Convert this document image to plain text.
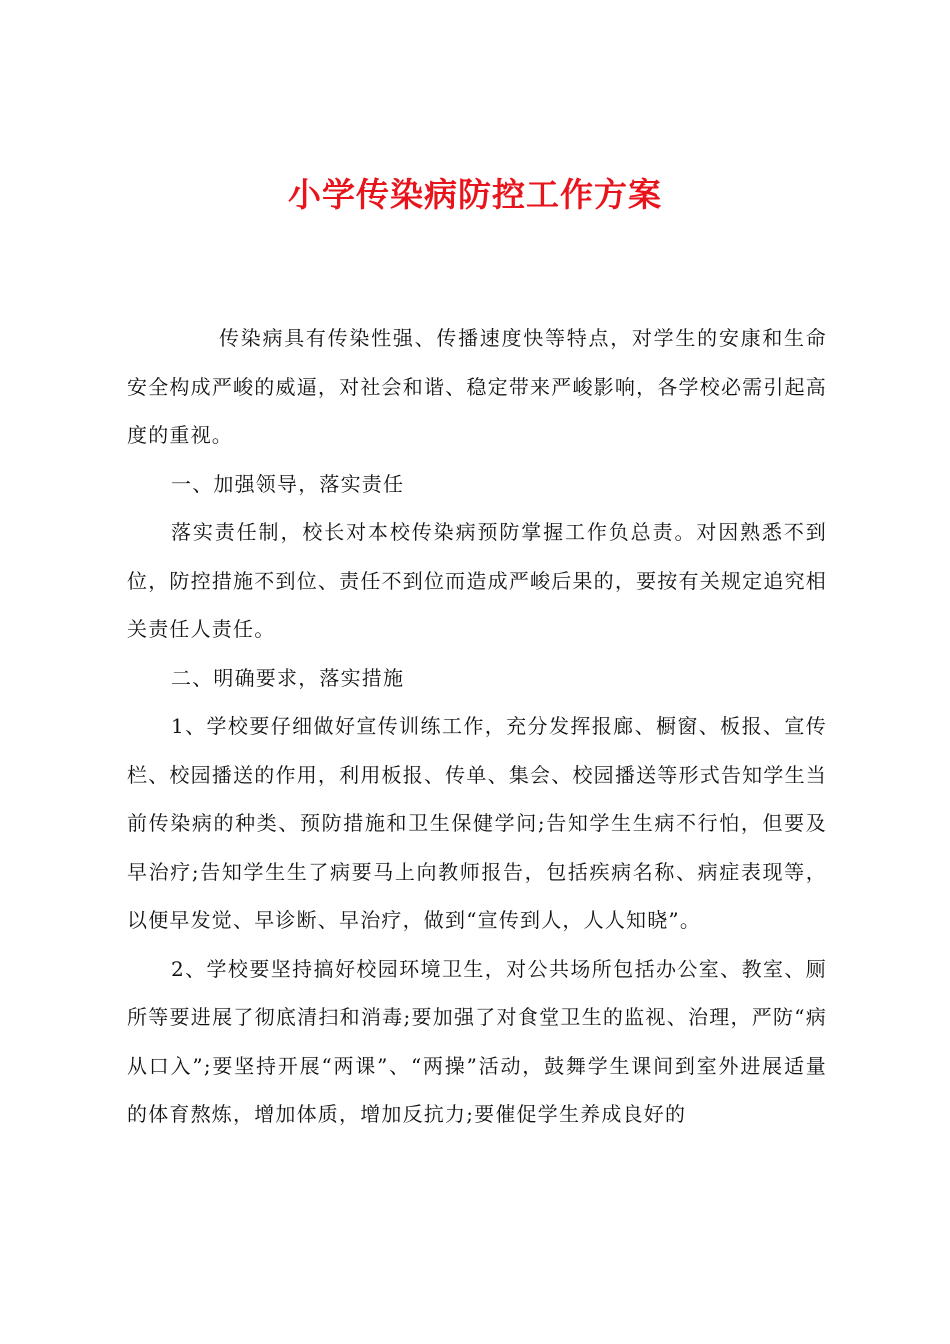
小学传染病防控工作方案

传染病具有传染性强、传播速度快等特点，对学生的安康和生命安全构成严峻的威逼，对社会和谐、稳定带来严峻影响，各学校必需引起高度的重视。

一、加强领导，落实责任

落实责任制，校长对本校传染病预防掌握工作负总责。对因熟悉不到位，防控措施不到位、责任不到位而造成严峻后果的，要按有关规定追究相关责任人责任。

二、明确要求，落实措施

1、学校要仔细做好宣传训练工作，充分发挥报廊、橱窗、板报、宣传栏、校园播送的作用，利用板报、传单、集会、校园播送等形式告知学生当前传染病的种类、预防措施和卫生保健学问;告知学生生病不行怕，但要及早治疗;告知学生生了病要马上向教师报告，包括疾病名称、病症表现等，以便早发觉、早诊断、早治疗，做到“宣传到人，人人知晓”。

2、学校要坚持搞好校园环境卫生，对公共场所包括办公室、教室、厕所等要进展了彻底清扫和消毒;要加强了对食堂卫生的监视、治理，严防“病从口入”;要坚持开展“两课”、“两操”活动，鼓舞学生课间到室外进展适量的体育熬炼，增加体质，增加反抗力;要催促学生养成良好的
